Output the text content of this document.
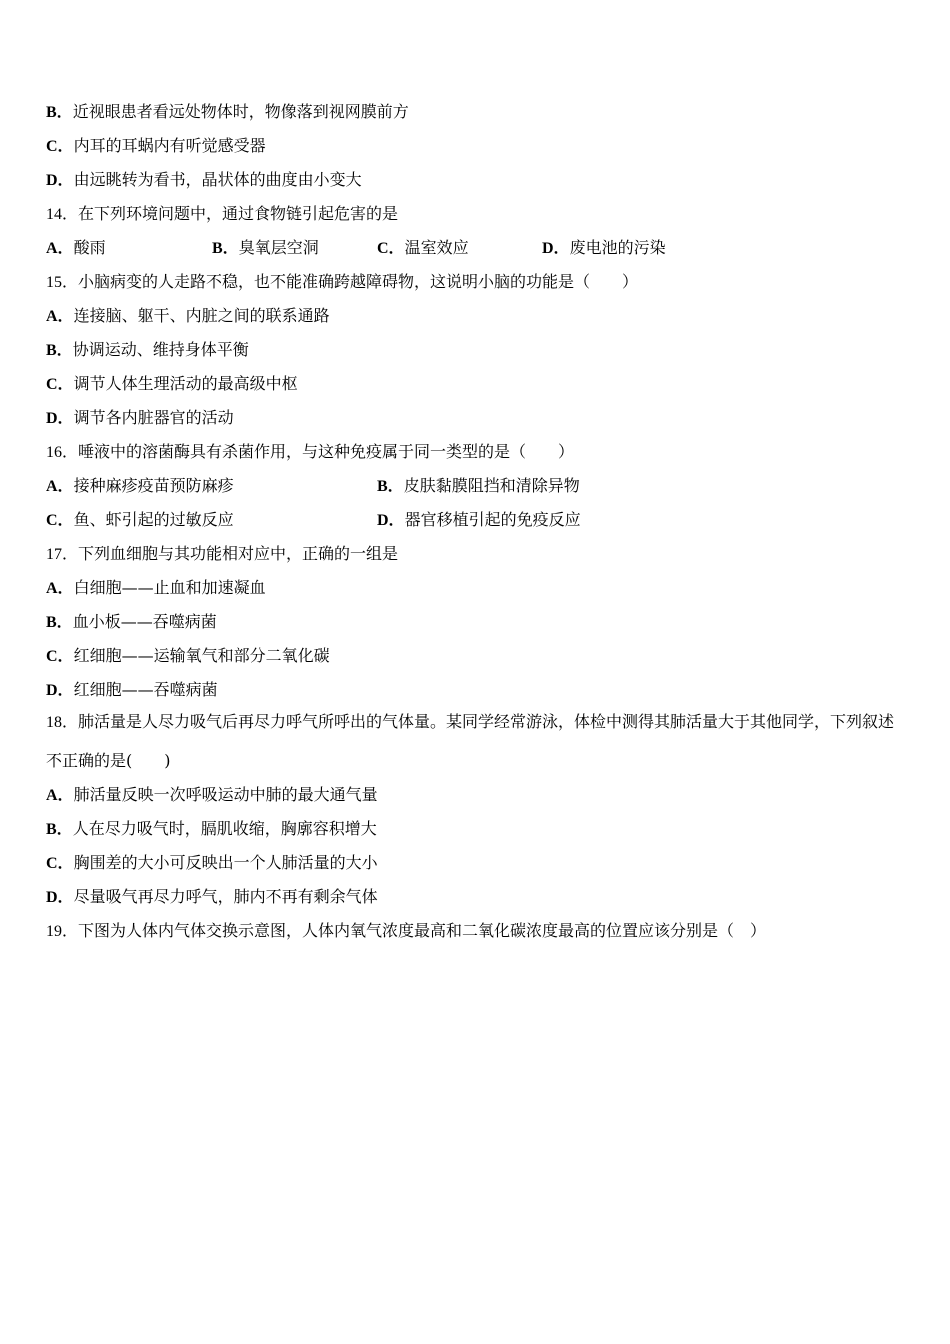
B．近视眼患者看远处物体时，物像落到视网膜前方
C．内耳的耳蜗内有听觉感受器
D．由远眺转为看书，晶状体的曲度由小变大
14．在下列环境问题中，通过食物链引起危害的是
A．酸雨	B．臭氧层空洞	C．温室效应	D．废电池的污染
15．小脑病变的人走路不稳，也不能准确跨越障碍物，这说明小脑的功能是（　　）
A．连接脑、躯干、内脏之间的联系通路
B．协调运动、维持身体平衡
C．调节人体生理活动的最高级中枢
D．调节各内脏器官的活动
16．唾液中的溶菌酶具有杀菌作用，与这种免疫属于同一类型的是（　　）
A．接种麻疹疫苗预防麻疹	B．皮肤黏膜阻挡和清除异物
C．鱼、虾引起的过敏反应	D．器官移植引起的免疫反应
17．下列血细胞与其功能相对应中，正确的一组是
A．白细胞——止血和加速凝血
B．血小板——吞噬病菌
C．红细胞——运输氧气和部分二氧化碳
D．红细胞——吞噬病菌
18．肺活量是人尽力吸气后再尽力呼气所呼出的气体量。某同学经常游泳，体检中测得其肺活量大于其他同学，下列叙述不正确的是(　　)
A．肺活量反映一次呼吸运动中肺的最大通气量
B．人在尽力吸气时，膈肌收缩，胸廓容积增大
C．胸围差的大小可反映出一个人肺活量的大小
D．尽量吸气再尽力呼气，肺内不再有剩余气体
19．下图为人体内气体交换示意图，人体内氧气浓度最高和二氧化碳浓度最高的位置应该分别是（　）
